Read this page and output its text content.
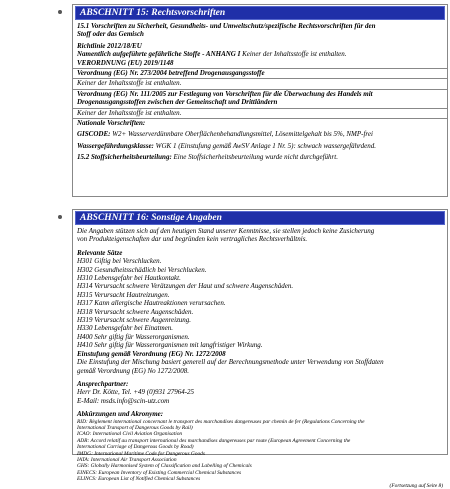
ABSCHNITT 15: Rechtsvorschriften
15.1 Vorschriften zu Sicherheit, Gesundheits- und Umweltschutz/spezifische Rechtsvorschriften für den
Stoff oder das Gemisch
Richtlinie 2012/18/EU
Namentlich aufgeführte gefährliche Stoffe - ANHANG I Keiner der Inhaltsstoffe ist enthalten.
VERORDNUNG (EU) 2019/1148
Verordnung (EG) Nr. 273/2004 betreffend Drogenausgangsstoffe
Keiner der Inhaltsstoffe ist enthalten.
Verordnung (EG) Nr. 111/2005 zur Festlegung von Vorschriften für die Überwachung des Handels mit
Drogenausgangsstoffen zwischen der Gemeinschaft und Drittländern
Keiner der Inhaltsstoffe ist enthalten.
Nationale Vorschriften:
GISCODE: W2+ Wasserverdünnbare Oberflächenbehandlungsmittel, Lösemittelgehalt bis 5%, NMP-frei
Wassergefährdungsklasse: WGK 1 (Einstufung gemäß AwSV Anlage 1 Nr. 5): schwach wassergefährdend.
15.2 Stoffsicherheitsbeurteilung: Eine Stoffsicherheitsbeurteilung wurde nicht durchgeführt.
ABSCHNITT 16: Sonstige Angaben
Die Angaben stützen sich auf den heutigen Stand unserer Kenntnisse, sie stellen jedoch keine Zusicherung
von Produkteigenschaften dar und begründen kein vertragliches Rechtsverhältnis.
Relevante Sätze
H301 Giftig bei Verschlucken.
H302 Gesundheitsschädlich bei Verschlucken.
H310 Lebensgefahr bei Hautkontakt.
H314 Verursacht schwere Verätzungen der Haut und schwere Augenschäden.
H315 Verursacht Hautreizungen.
H317 Kann allergische Hautreaktionen verursachen.
H318 Verursacht schwere Augenschäden.
H319 Verursacht schwere Augenreizung.
H330 Lebensgefahr bei Einatmen.
H400 Sehr giftig für Wasserorganismen.
H410 Sehr giftig für Wasserorganismen mit langfristiger Wirkung.
Einstufung gemäß Verordnung (EG) Nr. 1272/2008
Die Einstufung der Mischung basiert generell auf der Berechnungsmethode unter Verwendung von Stoffdaten
gemäß Verordnung (EG) No 1272/2008.
Ansprechpartner:
Herr Dr. Kötte, Tel. +49 (0)931 27964-25
E-Mail: msds.info@scin-utz.com
Abkürzungen und Akronyme:
RID: Règlement international concernant le transport des marchandises dangereuses par chemin de fer (Regulations Concerning the
International Transport of Dangerous Goods by Rail)
ICAO: International Civil Aviation Organisation
ADR: Accord relatif au transport international des marchandises dangereuses par route (European Agreement Concerning the
International Carriage of Dangerous Goods by Road)
IMDG: International Maritime Code for Dangerous Goods
IATA: International Air Transport Association
GHS: Globally Harmonised System of Classification and Labelling of Chemicals
EINECS: European Inventory of Existing Commercial Chemical Substances
ELINCS: European List of Notified Chemical Substances
(Fortsetzung auf Seite 8)
